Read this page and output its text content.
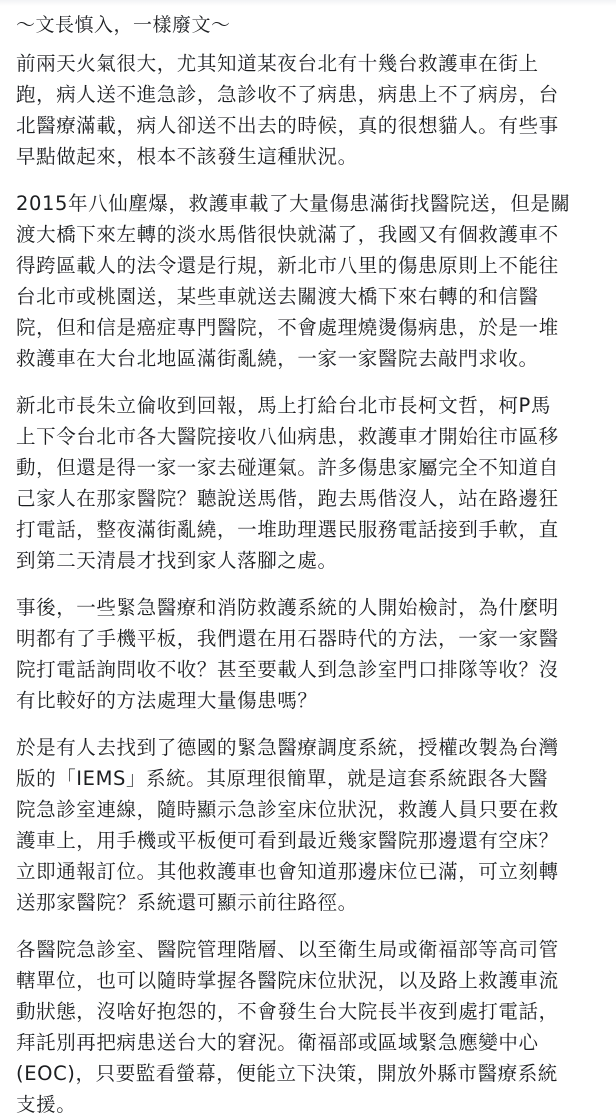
～文長慎入，一樣廢文～
前兩天火氣很大，尤其知道某夜台北有十幾台救護車在街上
跑，病人送不進急診，急診收不了病患，病患上不了病房，台
北醫療滿載，病人卻送不出去的時候，真的很想貓人。有些事
早點做起來，根本不該發生這種狀況。
2015年八仙塵爆，救護車載了大量傷患滿街找醫院送，但是關
渡大橋下來左轉的淡水馬偕很快就滿了，我國又有個救護車不
得跨區載人的法令還是行規，新北市八里的傷患原則上不能往
台北市或桃園送，某些車就送去關渡大橋下來右轉的和信醫
院，但和信是癌症專門醫院，不會處理燒燙傷病患，於是一堆
救護車在大台北地區滿街亂繞，一家一家醫院去敲門求收。
新北市長朱立倫收到回報，馬上打給台北市長柯文哲，柯P馬
上下令台北市各大醫院接收八仙病患，救護車才開始往市區移
動，但還是得一家一家去碰運氣。許多傷患家屬完全不知道自
己家人在那家醫院？聽說送馬偕，跑去馬偕沒人，站在路邊狂
打電話，整夜滿街亂繞，一堆助理選民服務電話接到手軟，直
到第二天清晨才找到家人落腳之處。
事後，一些緊急醫療和消防救護系統的人開始檢討，為什麼明
明都有了手機平板，我們還在用石器時代的方法，一家一家醫
院打電話詢問收不收？甚至要載人到急診室門口排隊等收？沒
有比較好的方法處理大量傷患嗎？
於是有人去找到了德國的緊急醫療調度系統，授權改製為台灣
版的「IEMS」系統。其原理很簡單，就是這套系統跟各大醫
院急診室連線，隨時顯示急診室床位狀況，救護人員只要在救
護車上，用手機或平板便可看到最近幾家醫院那邊還有空床？
立即通報訂位。其他救護車也會知道那邊床位已滿，可立刻轉
送那家醫院？系統還可顯示前往路徑。
各醫院急診室、醫院管理階層、以至衛生局或衛福部等高司管
轄單位，也可以隨時掌握各醫院床位狀況，以及路上救護車流
動狀態，沒啥好抱怨的，不會發生台大院長半夜到處打電話，
拜託別再把病患送台大的窘況。衛福部或區域緊急應變中心
(EOC)，只要監看螢幕，便能立下決策，開放外縣市醫療系統
支援。
